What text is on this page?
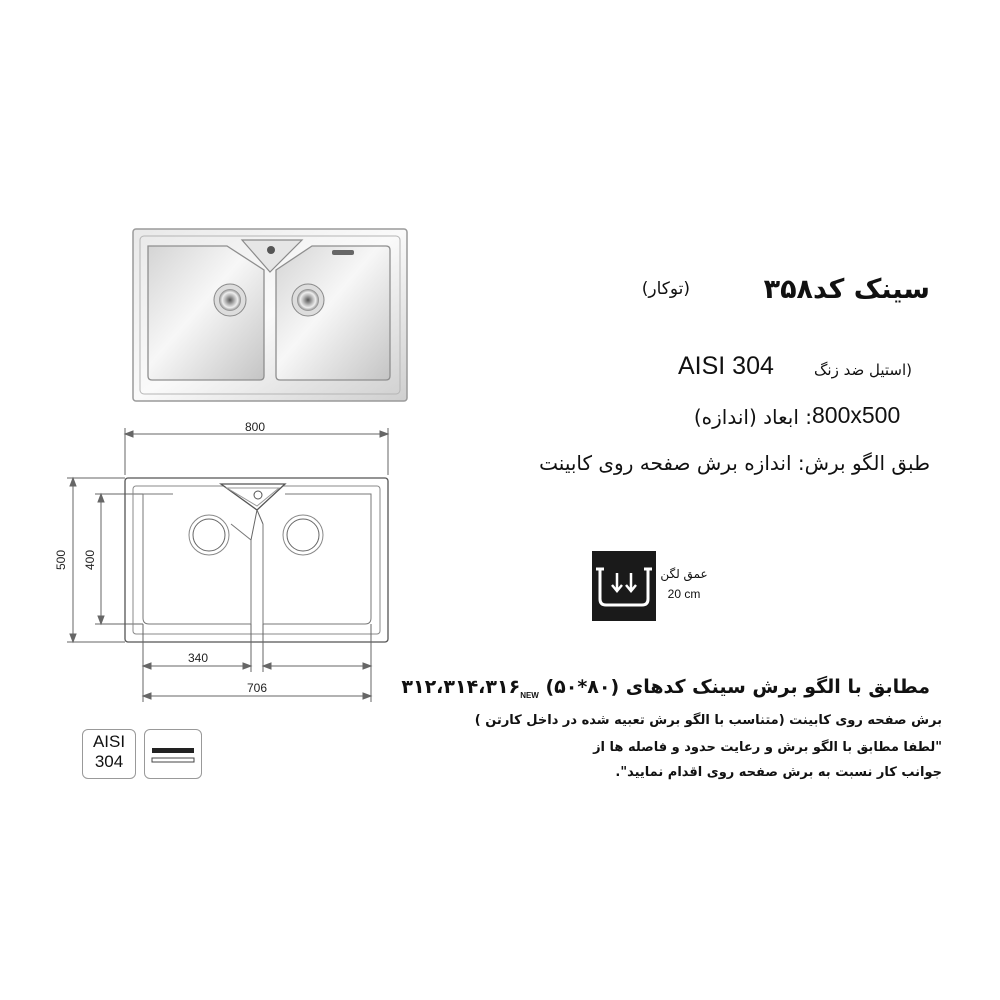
سینک کد۳۵۸
(توکار)
(استیل ضد زنگ
AISI 304
: ابعاد (اندازه) 800x500
طبق الگو برش: اندازه برش صفحه روی کابینت
عمق لگن
20 cm
800
500 400
340
706	مطابق با الگو برش سینک کدهای $۳۱۲،۳۱۴،۳۱۶_{NEW}$ (۵۰*۸۰)
برش صفحه روی کابینت (متناسب با الگو برش تعبیه شده در داخل کارتن )
"لطفا مطابق با الگو برش و رعایت حدود و فاصله ها از
جوانب کار نسبت به برش صفحه روی اقدام نمایید".
AISI
304
